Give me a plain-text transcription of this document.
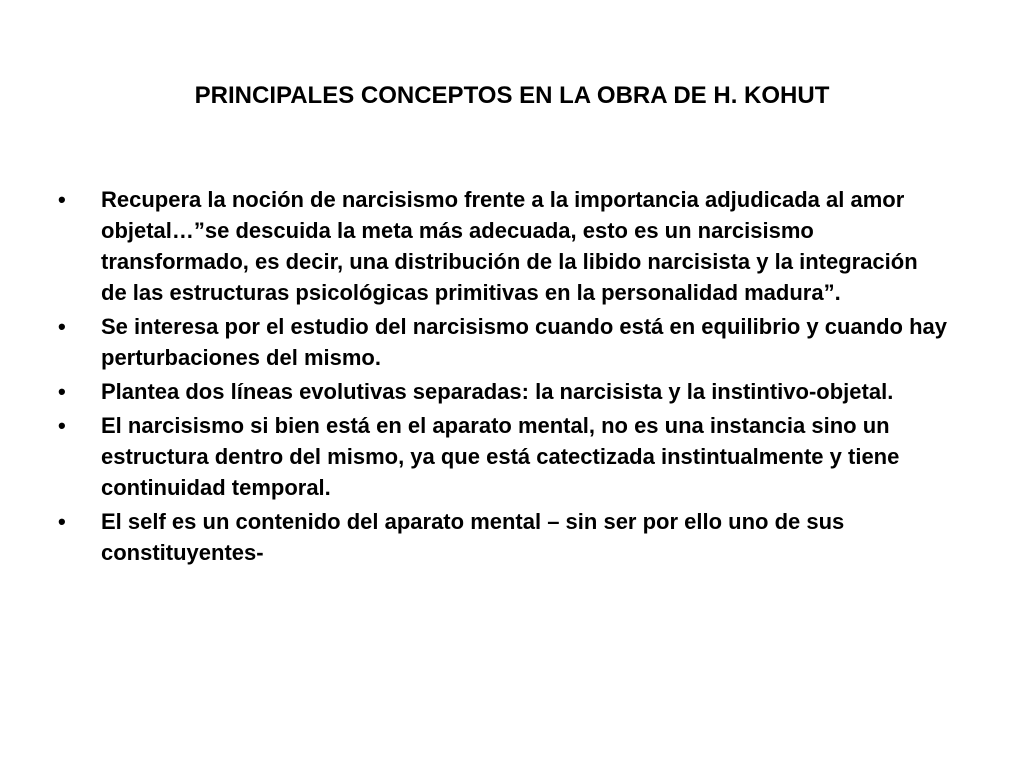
PRINCIPALES CONCEPTOS EN LA OBRA DE H. KOHUT
•	Recupera la noción de narcisismo frente a la importancia adjudicada al amor objetal…”se descuida la meta más adecuada, esto es un narcisismo transformado, es decir, una distribución de la libido narcisista y la integración de las estructuras psicológicas primitivas en la personalidad madura”.
•	Se interesa por el estudio del narcisismo cuando está en equilibrio y cuando hay perturbaciones del mismo.
•	Plantea dos líneas evolutivas separadas: la narcisista y la instintivo-objetal.
•	El narcisismo si bien está en el aparato mental, no es una instancia sino un estructura dentro del mismo, ya que está catectizada instintualmente y tiene continuidad temporal.
•	El self es un contenido del aparato mental – sin ser por ello uno de sus constituyentes-
